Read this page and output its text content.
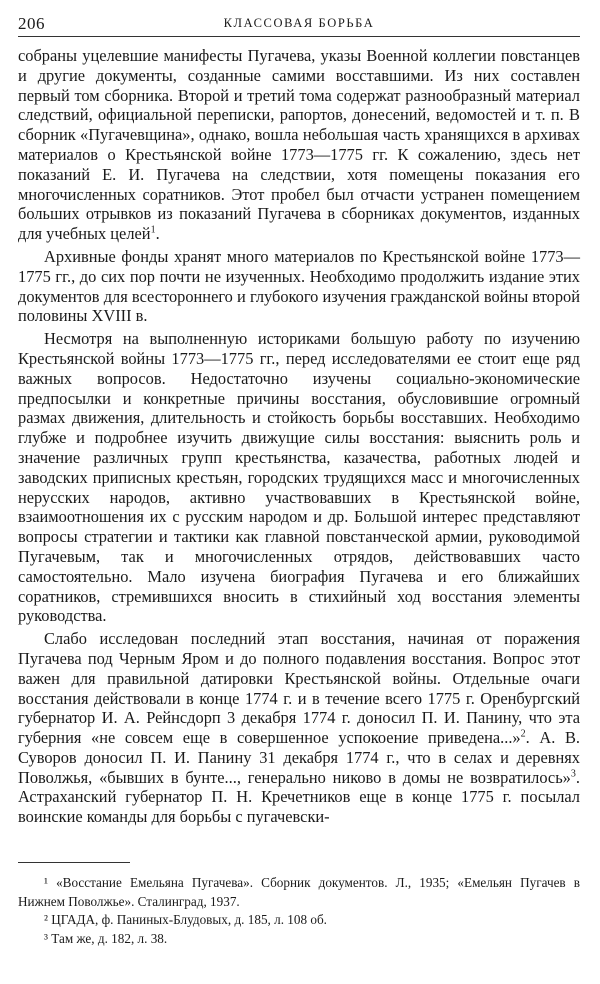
206	КЛАССОВАЯ БОРЬБА

собраны уцелевшие манифесты Пугачева, указы Военной коллегии повстанцев и другие документы, созданные самими восставшими. Из них составлен первый том сборника. Второй и третий тома содержат разнообразный материал следствий, официальной переписки, рапортов, донесений, ведомостей и т. п. В сборник «Пугачевщина», однако, вошла небольшая часть хранящихся в архивах материалов о Крестьянской войне 1773—1775 гг. К сожалению, здесь нет показаний Е. И. Пугачева на следствии, хотя помещены показания его многочисленных соратников. Этот пробел был отчасти устранен помещением больших отрывков из показаний Пугачева в сборниках документов, изданных для учебных целей$^1$.

Архивные фонды хранят много материалов по Крестьянской войне 1773—1775 гг., до сих пор почти не изученных. Необходимо продолжить издание этих документов для всестороннего и глубокого изучения гражданской войны второй половины XVIII в.

Несмотря на выполненную историками большую работу по изучению Крестьянской войны 1773—1775 гг., перед исследователями ее стоит еще ряд важных вопросов. Недостаточно изучены социально-экономические предпосылки и конкретные причины восстания, обусловившие огромный размах движения, длительность и стойкость борьбы восставших. Необходимо глубже и подробнее изучить движущие силы восстания: выяснить роль и значение различных групп крестьянства, казачества, работных людей и заводских приписных крестьян, городских трудящихся масс и многочисленных нерусских народов, активно участвовавших в Крестьянской войне, взаимоотношения их с русским народом и др. Большой интерес представляют вопросы стратегии и тактики как главной повстанческой армии, руководимой Пугачевым, так и многочисленных отрядов, действовавших часто самостоятельно. Мало изучена биография Пугачева и его ближайших соратников, стремившихся вносить в стихийный ход восстания элементы руководства.

Слабо исследован последний этап восстания, начиная от поражения Пугачева под Черным Яром и до полного подавления восстания. Вопрос этот важен для правильной датировки Крестьянской войны. Отдельные очаги восстания действовали в конце 1774 г. и в течение всего 1775 г. Оренбургский губернатор И. А. Рейнсдорп 3 декабря 1774 г. доносил П. И. Панину, что эта губерния «не совсем еще в совершенное успокоение приведена...»$^2$. А. В. Суворов доносил П. И. Панину 31 декабря 1774 г., что в селах и деревнях Поволжья, «бывших в бунте..., генерально никово в домы не возвратилось»$^3$. Астраханский губернатор П. Н. Кречетников еще в конце 1775 г. посылал воинские команды для борьбы с пугачевски-

¹ «Восстание Емельяна Пугачева». Сборник документов. Л., 1935; «Емельян Пугачев в Нижнем Поволжье». Сталинград, 1937.

² ЦГАДА, ф. Паниных-Блудовых, д. 185, л. 108 об.

³ Там же, д. 182, л. 38.
